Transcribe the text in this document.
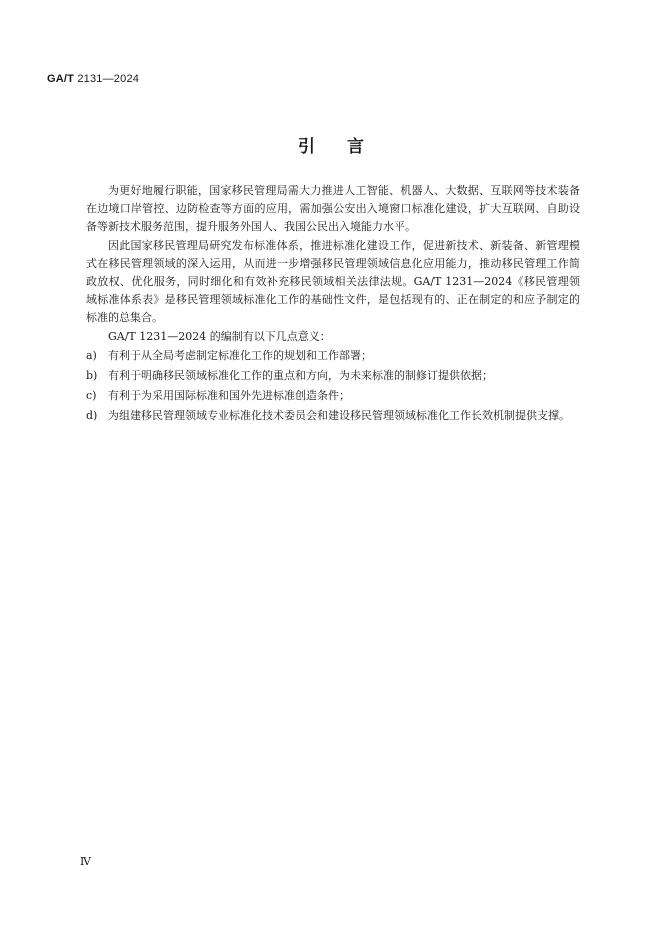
GA/T 2131—2024
引言

为更好地履行职能，国家移民管理局需大力推进人工智能、机器人、大数据、互联网等技术装备在边境口岸管控、边防检查等方面的应用，需加强公安出入境窗口标准化建设，扩大互联网、自助设备等新技术服务范围，提升服务外国人、我国公民出入境能力水平。

因此国家移民管理局研究发布标准体系，推进标准化建设工作，促进新技术、新装备、新管理模式在移民管理领域的深入运用，从而进一步增强移民管理领域信息化应用能力，推动移民管理工作简政放权、优化服务，同时细化和有效补充移民领域相关法律法规。GA/T 1231—2024《移民管理领域标准体系表》是移民管理领域标准化工作的基础性文件，是包括现有的、正在制定的和应予制定的标准的总集合。

GA/T 1231—2024 的编制有以下几点意义：

a) 有利于从全局考虑制定标准化工作的规划和工作部署；
b) 有利于明确移民领域标准化工作的重点和方向，为未来标准的制修订提供依据；
c) 有利于为采用国际标准和国外先进标准创造条件；
d) 为组建移民管理领域专业标准化技术委员会和建设移民管理领域标准化工作长效机制提供支撑。
Ⅳ
